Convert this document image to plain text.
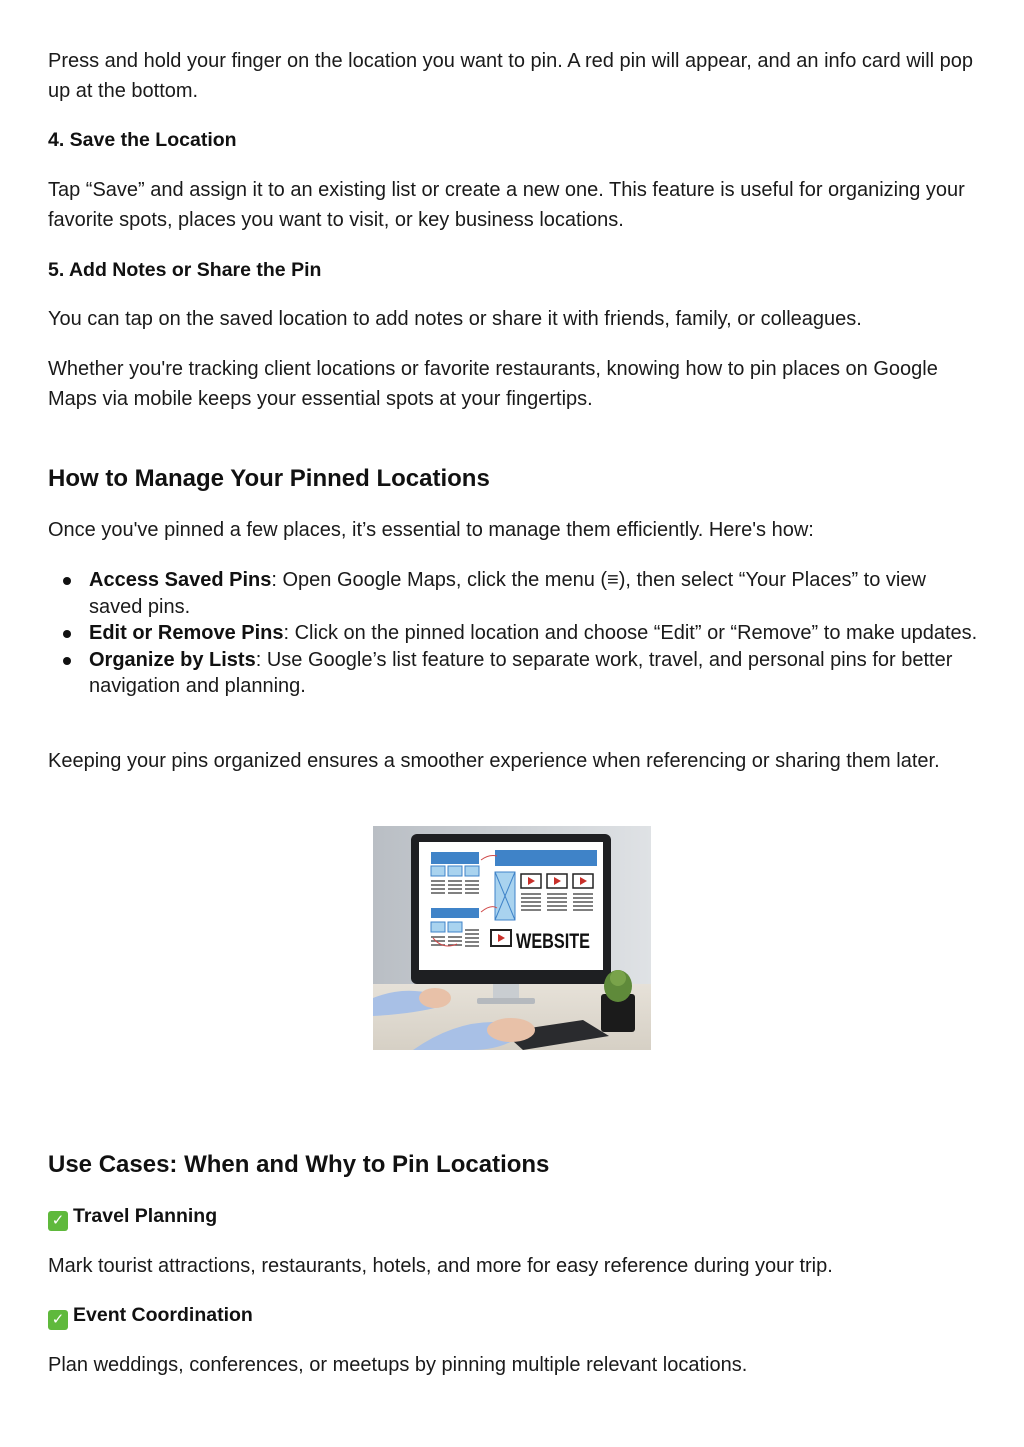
Press and hold your finger on the location you want to pin. A red pin will appear, and an info card will pop up at the bottom.

4. Save the Location

Tap “Save” and assign it to an existing list or create a new one. This feature is useful for organizing your favorite spots, places you want to visit, or key business locations.

5. Add Notes or Share the Pin

You can tap on the saved location to add notes or share it with friends, family, or colleagues.

Whether you're tracking client locations or favorite restaurants, knowing how to pin places on Google Maps via mobile keeps your essential spots at your fingertips.

How to Manage Your Pinned Locations

Once you've pinned a few places, it’s essential to manage them efficiently. Here's how:

Access Saved Pins: Open Google Maps, click the menu (≡), then select “Your Places” to view saved pins.
Edit or Remove Pins: Click on the pinned location and choose “Edit” or “Remove” to make updates.
Organize by Lists: Use Google’s list feature to separate work, travel, and personal pins for better navigation and planning.

Keeping your pins organized ensures a smoother experience when referencing or sharing them later.

Use Cases: When and Why to Pin Locations
✓ Travel Planning

Mark tourist attractions, restaurants, hotels, and more for easy reference during your trip.

✓ Event Coordination

Plan weddings, conferences, or meetups by pinning multiple relevant locations.

WEBSITE
